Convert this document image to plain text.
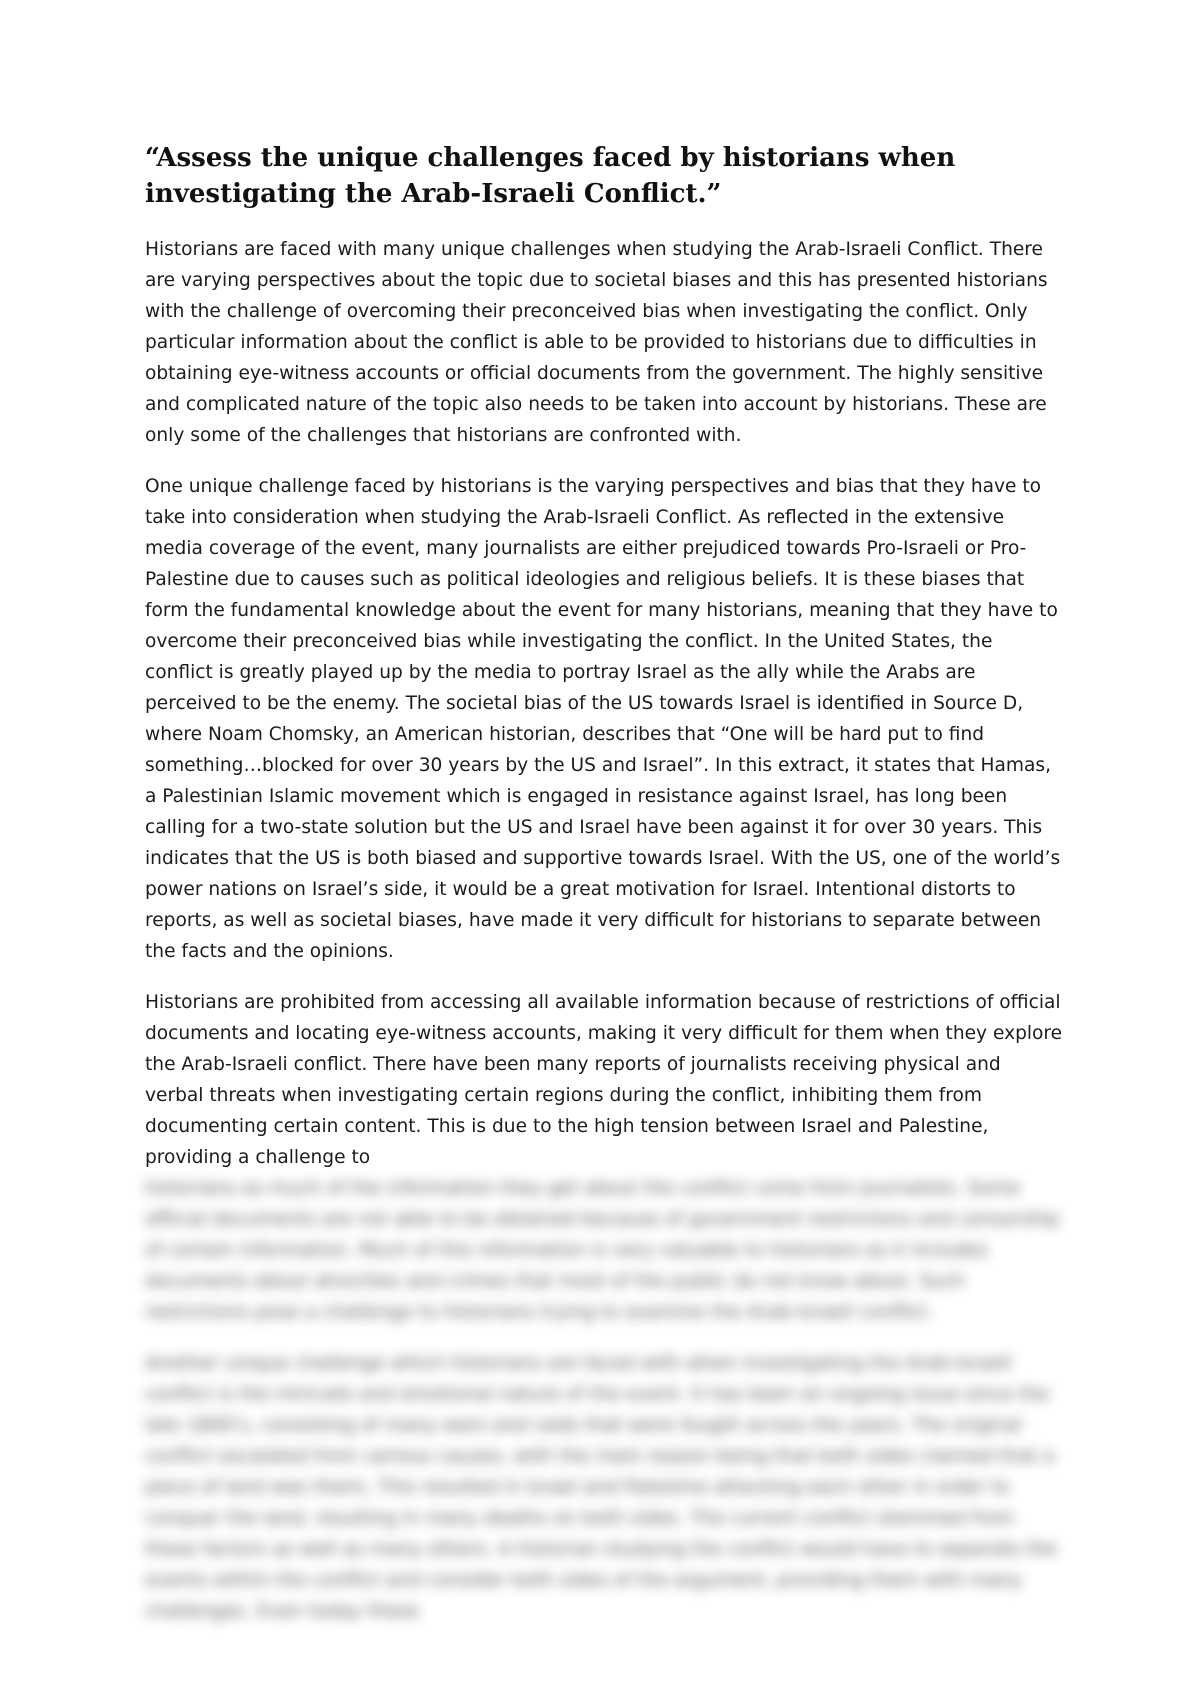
“Assess the unique challenges faced by historians when investigating the Arab-Israeli Conflict.”

Historians are faced with many unique challenges when studying the Arab-Israeli Conflict. There are varying perspectives about the topic due to societal biases and this has presented historians with the challenge of overcoming their preconceived bias when investigating the conflict. Only particular information about the conflict is able to be provided to historians due to difficulties in obtaining eye-witness accounts or official documents from the government. The highly sensitive and complicated nature of the topic also needs to be taken into account by historians. These are only some of the challenges that historians are confronted with.

One unique challenge faced by historians is the varying perspectives and bias that they have to take into consideration when studying the Arab-Israeli Conflict. As reflected in the extensive media coverage of the event, many journalists are either prejudiced towards Pro-Israeli or Pro-Palestine due to causes such as political ideologies and religious beliefs. It is these biases that form the fundamental knowledge about the event for many historians, meaning that they have to overcome their preconceived bias while investigating the conflict. In the United States, the conflict is greatly played up by the media to portray Israel as the ally while the Arabs are perceived to be the enemy. The societal bias of the US towards Israel is identified in Source D, where Noam Chomsky, an American historian, describes that “One will be hard put to find something…blocked for over 30 years by the US and Israel”. In this extract, it states that Hamas, a Palestinian Islamic movement which is engaged in resistance against Israel, has long been calling for a two-state solution but the US and Israel have been against it for over 30 years. This indicates that the US is both biased and supportive towards Israel. With the US, one of the world’s power nations on Israel’s side, it would be a great motivation for Israel. Intentional distorts to reports, as well as societal biases, have made it very difficult for historians to separate between the facts and the opinions.

Historians are prohibited from accessing all available information because of restrictions of official documents and locating eye-witness accounts, making it very difficult for them when they explore the Arab-Israeli conflict. There have been many reports of journalists receiving physical and verbal threats when investigating certain regions during the conflict, inhibiting them from documenting certain content. This is due to the high tension between Israel and Palestine, providing a challenge to

historians as much of the information they get about the conflict come from journalists. Some official documents are not able to be obtained because of government restrictions and censorship of certain information. Much of this information is very valuable to historians as it includes documents about atrocities and crimes that most of the public do not know about. Such restrictions pose a challenge to historians trying to examine the Arab-Israeli conflict.

Another unique challenge which historians are faced with when investigating the Arab-Israeli conflict is the intricate and emotional nature of the event. It has been an ongoing issue since the late 1800’s, consisting of many wars and raids that were fought across the years. The original conflict escalated from various causes, with the main reason being that both sides claimed that a piece of land was theirs. This resulted in Israel and Palestine attacking each other in order to conquer the land, resulting in many deaths on both sides. The current conflict stemmed from these factors as well as many others. A historian studying the conflict would have to separate the events within the conflict and consider both sides of the argument, providing them with many challenges. Even today these
